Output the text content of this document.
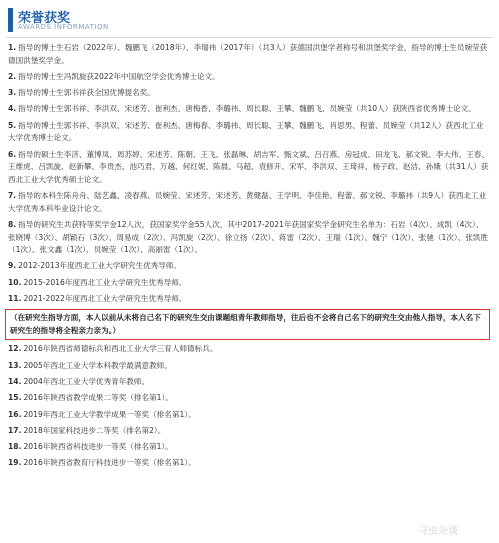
荣誉获奖
AWARDS INFORMATION
1. 指导的博士生石岩（2022年）、魏鹏飞（2018年）、李瑞祎（2017年）（共3人）获德国洪堡学者称号和洪堡奖学金，指导的博士生员婉莹获德国洪堡奖学金。
2. 指导的博士生冯凯旋获2022年中国航空学会优秀博士论文。
3. 指导的博士生郭书祥获全国优博提名奖。
4. 指导的博士生郭书祥、李洪双、宋述芳、崔利杰、唐梅香、李璐祎、周长聪、王攀、魏鹏飞、员婉莹（共10人）获陕西省优秀博士论文。
5. 指导的博士生郭书祥、李洪双、宋述芳、崔利杰、唐梅春、李璐祎、周长聪、王攀、魏鹏飞、肖思男、程蕾、员婉莹（共12人）获西北工业大学优秀博士论文。
6. 指导的硕士生李济、董博凤、周苏婷、宋述芳、陈朝、王飞、张磊琳、胡吉军、甄文斌、吕召燕、房冠成、田龙飞、郝文锐、李大伟、王春、王维虎、吕凯旋、赵新攀、李贵杰、池巧君、万越、何红妮、陈晨、马超、袁修开、宋军、李洪双、王琦祥、杨子政、赵洁、孙娥（共31人）获西北工业大学优秀硕士论文。
7. 指导的本科生陈舟舟、陆艺鑫、凌春燕、员婉莹、宋述芳、宋述芳、黄健磊、王学明、李佳艳、程蕾、郝文锐、李璐祎（共9人）获西北工业大学优秀本科毕业设计论文。
8. 指导的研究生共获特等奖学金12人次，获国家奖学金55人次，其中2017-2021年获国家奖学金研究生名单为：石岩（4次）、成凯（4次）、张晓博（3次）、胡颖石（3次）、周易成（2次）、冯凯旋（2次）、徐立扬（2次）、蒋雷（2次）、王瑞（1次）、魏宁（1次）、张驰（1次）、张凯胜（1次）、张文鑫（1次）、员婉莹（1次）、高丽雷（1次）。
9. 2012-2013年度西北工业大学研究生优秀导师。
10. 2015-2016年度西北工业大学研究生优秀导师。
11. 2021-2022年度西北工业大学研究生优秀导师。
（在研究生指导方面，本人以前从未将自己名下的研究生交由课题组青年教师指导，往后也不会将自己名下的研究生交由他人指导，本人名下研究生的指导将全程亲力亲为。）
12. 2016年陕西省师德标兵和西北工业大学三育人师德标兵。
13. 2005年西北工业大学本科教学最满意教师。
14. 2004年西北工业大学优秀青年教师。
15. 2016年陕西省教学成果二等奖（排名第1）。
16. 2019年西北工业大学教学成果一等奖（排名第1）。
17. 2018年国家科技进步二等奖（排名第2）。
18. 2016年陕西省科技进步一等奖（排名第1）。
19. 2016年陕西省教育厅科技进步一等奖（排名第1）。
寻虫杂谈
